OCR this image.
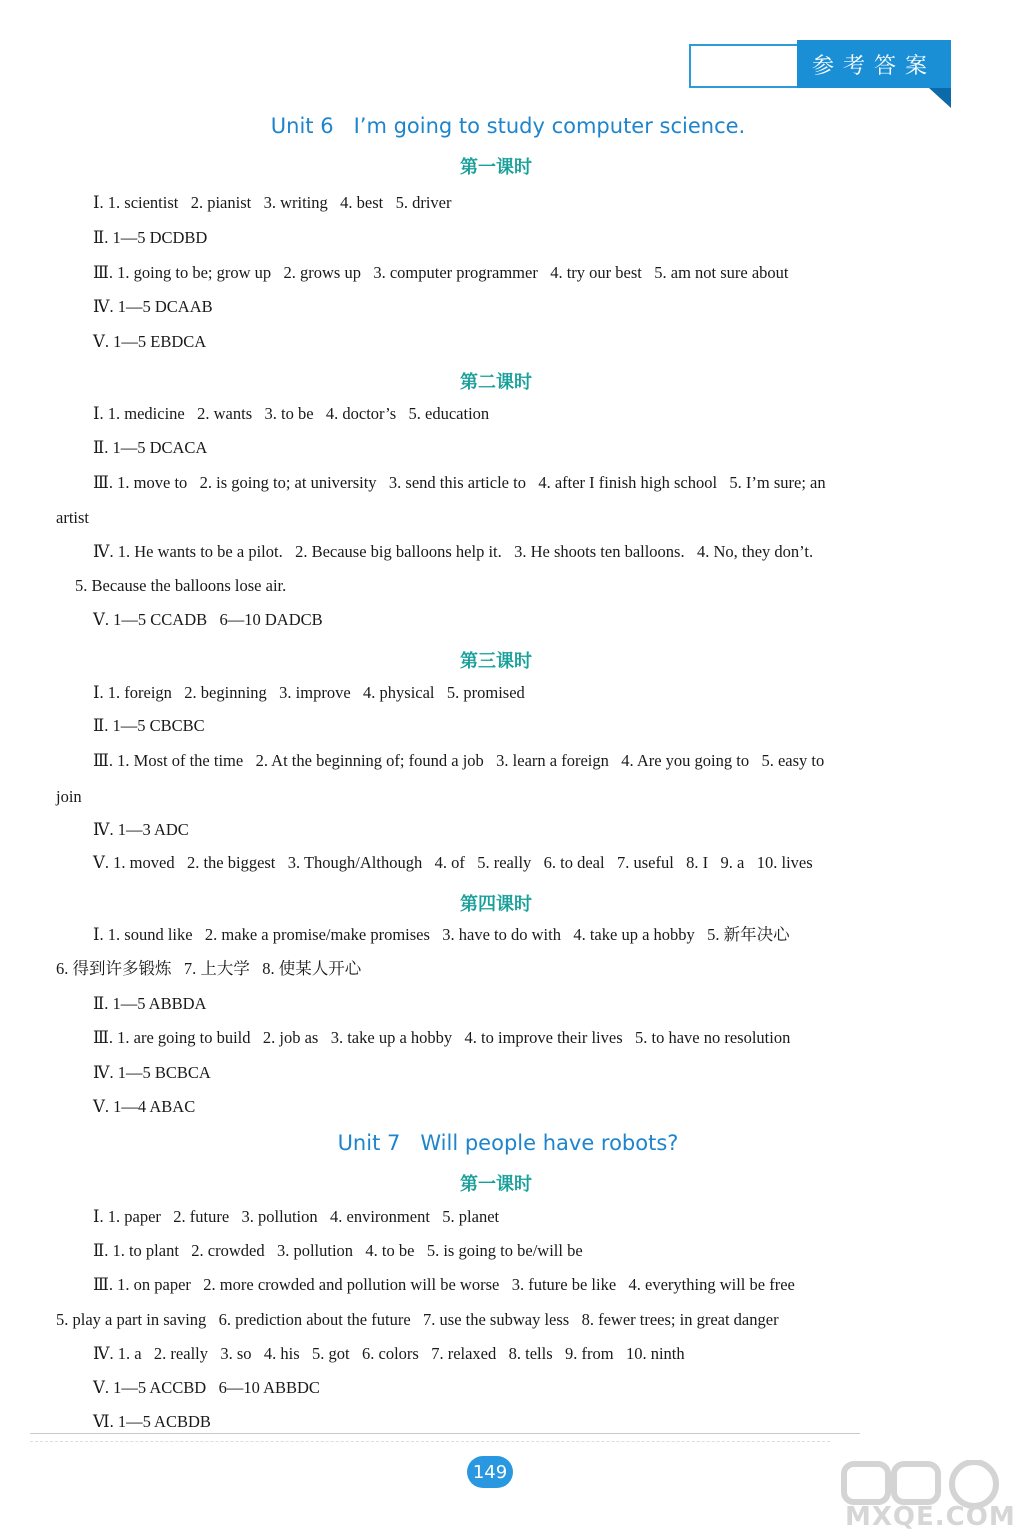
参考答案
Unit 6   I’m going to study computer science.
第一课时
Ⅰ. 1. scientist   2. pianist   3. writing   4. best   5. driver
Ⅱ. 1—5 DCDBD
Ⅲ. 1. going to be; grow up   2. grows up   3. computer programmer   4. try our best   5. am not sure about
Ⅳ. 1—5 DCAAB
Ⅴ. 1—5 EBDCA
第二课时
Ⅰ. 1. medicine   2. wants   3. to be   4. doctor’s   5. education
Ⅱ. 1—5 DCACA
Ⅲ. 1. move to   2. is going to; at university   3. send this article to   4. after I finish high school   5. I’m sure; an
artist
Ⅳ. 1. He wants to be a pilot.   2. Because big balloons help it.   3. He shoots ten balloons.   4. No, they don’t.
5. Because the balloons lose air.
Ⅴ. 1—5 CCADB   6—10 DADCB
第三课时
Ⅰ. 1. foreign   2. beginning   3. improve   4. physical   5. promised
Ⅱ. 1—5 CBCBC
Ⅲ. 1. Most of the time   2. At the beginning of; found a job   3. learn a foreign   4. Are you going to   5. easy to
join
Ⅳ. 1—3 ADC
Ⅴ. 1. moved   2. the biggest   3. Though/Although   4. of   5. really   6. to deal   7. useful   8. I   9. a   10. lives
第四课时
Ⅰ. 1. sound like   2. make a promise/make promises   3. have to do with   4. take up a hobby   5. 新年决心
6. 得到许多锻炼   7. 上大学   8. 使某人开心
Ⅱ. 1—5 ABBDA
Ⅲ. 1. are going to build   2. job as   3. take up a hobby   4. to improve their lives   5. to have no resolution
Ⅳ. 1—5 BCBCA
Ⅴ. 1—4 ABAC
Unit 7   Will people have robots?
第一课时
Ⅰ. 1. paper   2. future   3. pollution   4. environment   5. planet
Ⅱ. 1. to plant   2. crowded   3. pollution   4. to be   5. is going to be/will be
Ⅲ. 1. on paper   2. more crowded and pollution will be worse   3. future be like   4. everything will be free
5. play a part in saving   6. prediction about the future   7. use the subway less   8. fewer trees; in great danger
Ⅳ. 1. a   2. really   3. so   4. his   5. got   6. colors   7. relaxed   8. tells   9. from   10. ninth
Ⅴ. 1—5 ACCBD   6—10 ABBDC
Ⅵ. 1—5 ACBDB
149
MXQE.COM
